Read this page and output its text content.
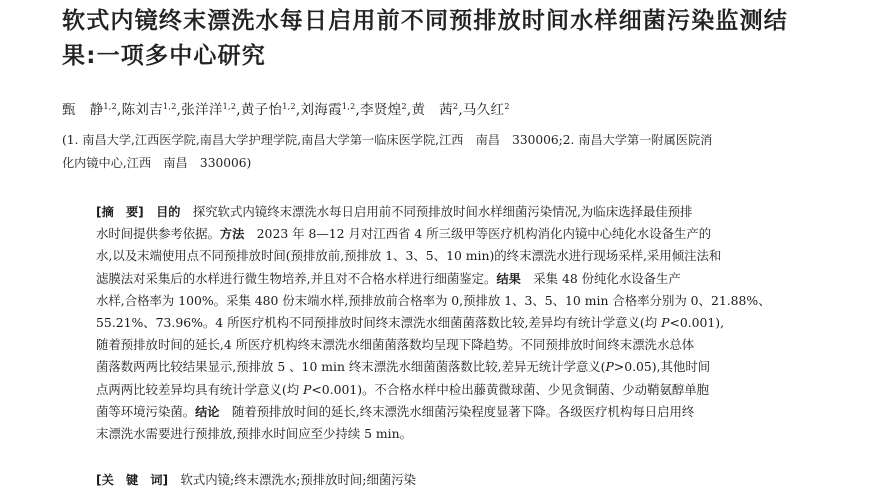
软式内镜终末漂洗水每日启用前不同预排放时间水样细菌污染监测结
果:一项多中心研究
甄　静$^{1,2}$,陈刘吉$^{1,2}$,张洋洋$^{1,2}$,黄子怡$^{1,2}$,刘海霞$^{1,2}$,李贤煌$^2$,黄　茜$^2$,马久红$^2$
(1. 南昌大学,江西医学院,南昌大学护理学院,南昌大学第一临床医学院,江西　南昌　330006;2. 南昌大学第一附属医院消
化内镜中心,江西　南昌　330006)
[摘　要]　 目的　探究软式内镜终末漂洗水每日启用前不同预排放时间水样细菌污染情况,为临床选择最佳预排
水时间提供参考依据。方法　2023 年 8—12 月对江西省 4 所三级甲等医疗机构消化内镜中心纯化水设备生产的
水,以及末端使用点不同预排放时间(预排放前,预排放 1、3、5、10 min)的终末漂洗水进行现场采样,采用倾注法和
滤膜法对采集后的水样进行微生物培养,并且对不合格水样进行细菌鉴定。结果　采集 48 份纯化水设备生产
水样,合格率为 100%。采集 480 份末端水样,预排放前合格率为 0,预排放 1、3、5、10 min 合格率分别为 0、21.88%、
55.21%、73.96%。4 所医疗机构不同预排放时间终末漂洗水细菌菌落数比较,差异均有统计学意义(均 P<0.001),
随着预排放时间的延长,4 所医疗机构终末漂洗水细菌菌落数均呈现下降趋势。不同预排放时间终末漂洗水总体
菌落数两两比较结果显示,预排放 5 、10 min 终末漂洗水细菌菌落数比较,差异无统计学意义(P>0.05),其他时间
点两两比较差异均具有统计学意义(均 P<0.001)。不合格水样中检出藤黄微球菌、少见贪铜菌、少动鞘氨醇单胞
菌等环境污染菌。结论　随着预排放时间的延长,终末漂洗水细菌污染程度显著下降。各级医疗机构每日启用终
末漂洗水需要进行预排放,预排水时间应至少持续 5 min。
[关　键　词]　软式内镜;终末漂洗水;预排放时间;细菌污染
